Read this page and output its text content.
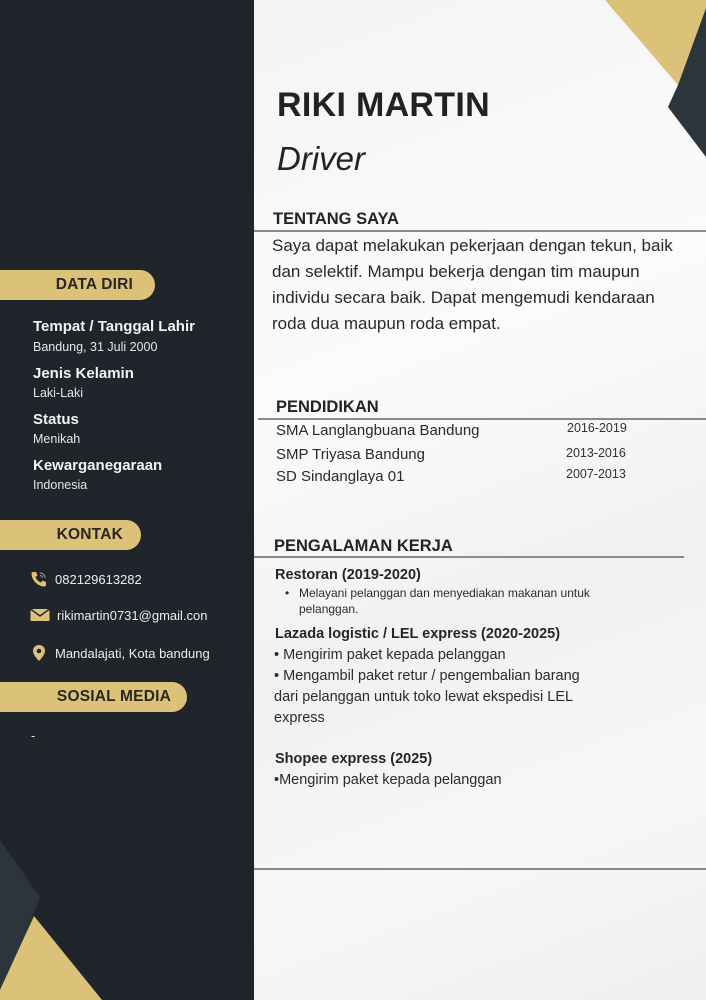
DATA DIRI
Tempat / Tanggal Lahir
Bandung, 31 Juli 2000
Jenis Kelamin
Laki-Laki
Status
Menikah
Kewarganegaraan
Indonesia
KONTAK
082129613282
rikimartin0731@gmail.con
Mandalajati, Kota bandung
SOSIAL MEDIA
-
RIKI MARTIN
Driver
TENTANG SAYA
Saya dapat melakukan pekerjaan dengan tekun, baik dan selektif. Mampu bekerja dengan tim maupun individu secara baik. Dapat mengemudi kendaraan roda dua maupun roda empat.
PENDIDIKAN
SMA Langlangbuana Bandung	2016-2019
SMP Triyasa Bandung	2013-2016
SD Sindanglaya 01	2007-2013
PENGALAMAN KERJA
Restoran (2019-2020)
• Melayani pelanggan dan menyediakan makanan untuk pelanggan.
Lazada logistic / LEL express (2020-2025)
• Mengirim paket kepada pelanggan
• Mengambil paket retur / pengembalian barang
dari pelanggan untuk toko lewat ekspedisi LEL
express
Shopee express (2025)
•Mengirim paket kepada pelanggan
